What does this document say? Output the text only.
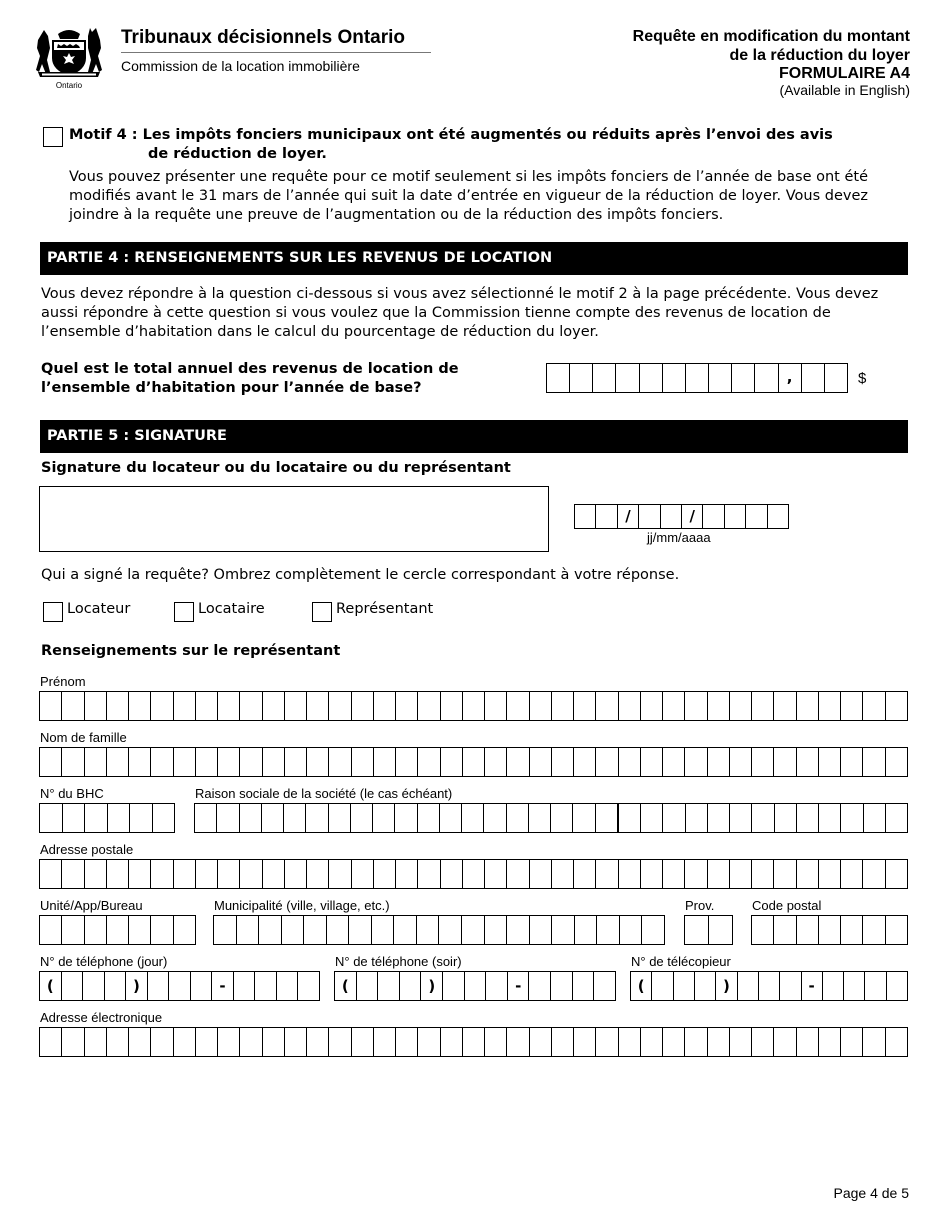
Ontario
Tribunaux décisionnels Ontario
Commission de la location immobilière
Requête en modification du montant
de la réduction du loyer
FORMULAIRE A4
(Available in English)
Motif 4 : Les impôts fonciers municipaux ont été augmentés ou réduits après l’envoi des avis
de réduction de loyer.
Vous pouvez présenter une requête pour ce motif seulement si les impôts fonciers de l’année de base ont été modifiés avant le 31 mars de l’année qui suit la date d’entrée en vigueur de la réduction de loyer. Vous devez joindre à la requête une preuve de l’augmentation ou de la réduction des impôts fonciers.
PARTIE 4 : RENSEIGNEMENTS SUR LES REVENUS DE LOCATION
Vous devez répondre à la question ci-dessous si vous avez sélectionné le motif 2 à la page précédente. Vous devez aussi répondre à cette question si vous voulez que la Commission tienne compte des revenus de location de l’ensemble d’habitation dans le calcul du pourcentage de réduction du loyer.
Quel est le total annuel des revenus de location de l’ensemble d’habitation pour l’année de base?
,	$
PARTIE 5 : SIGNATURE
Signature du locateur ou du locataire ou du représentant
/	/
jj/mm/aaaa
Qui a signé la requête? Ombrez complètement le cercle correspondant à votre réponse.
Locateur	Locataire	Représentant
Renseignements sur le représentant
Prénom
Nom de famille
N° du BHC	Raison sociale de la société (le cas échéant)
Adresse postale
Unité/App/Bureau	Municipalité (ville, village, etc.)	Prov.	Code postal
N° de téléphone (jour)	N° de téléphone (soir)	N° de télécopieur
(	)	-	(	)	-	(	)	-
Adresse électronique
Page 4 de 5
